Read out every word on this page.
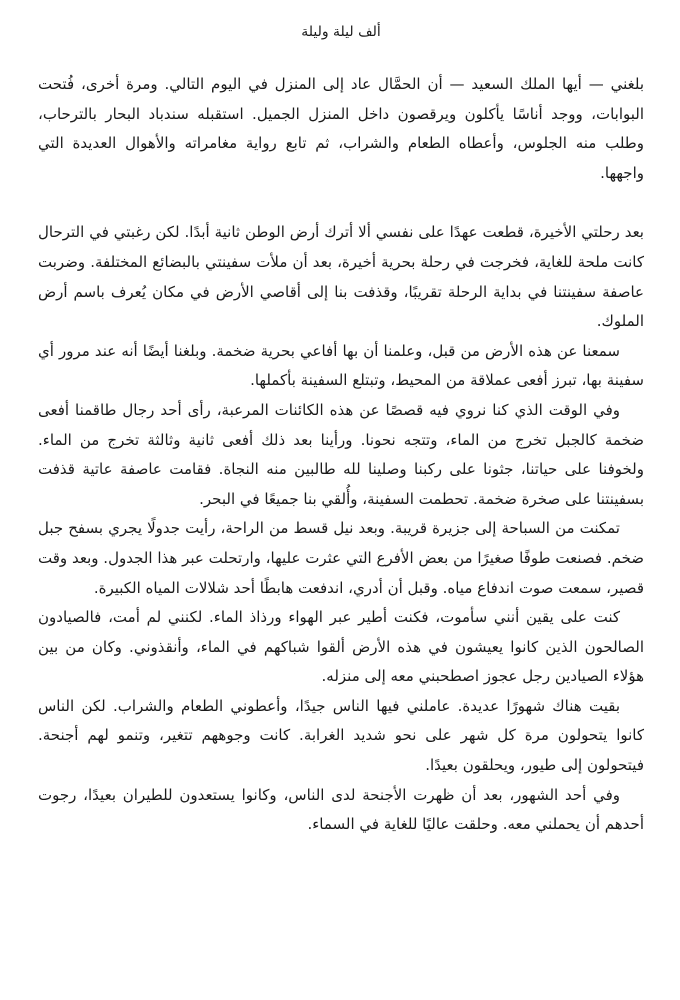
ألف ليلة وليلة

بلغني — أيها الملك السعيد — أن الحمَّال عاد إلى المنزل في اليوم التالي. ومرة أخرى، فُتحت البوابات، ووجد أناسًا يأكلون ويرقصون داخل المنزل الجميل. استقبله سندباد البحار بالترحاب، وطلب منه الجلوس، وأعطاه الطعام والشراب، ثم تابع رواية مغامراته والأهوال العديدة التي واجهها.

بعد رحلتي الأخيرة، قطعت عهدًا على نفسي ألا أترك أرض الوطن ثانية أبدًا. لكن رغبتي في الترحال كانت ملحة للغاية، فخرجت في رحلة بحرية أخيرة، بعد أن ملأت سفينتي بالبضائع المختلفة. وضربت عاصفة سفينتنا في بداية الرحلة تقريبًا، وقذفت بنا إلى أقاصي الأرض في مكان يُعرف باسم أرض الملوك.

سمعنا عن هذه الأرض من قبل، وعلمنا أن بها أفاعي بحرية ضخمة. وبلغنا أيضًا أنه عند مرور أي سفينة بها، تبرز أفعى عملاقة من المحيط، وتبتلع السفينة بأكملها.

وفي الوقت الذي كنا نروي فيه قصصًا عن هذه الكائنات المرعبة، رأى أحد رجال طاقمنا أفعى ضخمة كالجبل تخرج من الماء، وتتجه نحونا. ورأينا بعد ذلك أفعى ثانية وثالثة تخرج من الماء. ولخوفنا على حياتنا، جثونا على ركبنا وصلينا لله طالبين منه النجاة. فقامت عاصفة عاتية قذفت بسفينتنا على صخرة ضخمة. تحطمت السفينة، وأُلقي بنا جميعًا في البحر.

تمكنت من السباحة إلى جزيرة قريبة. وبعد نيل قسط من الراحة، رأيت جدولًا يجري بسفح جبل ضخم. فصنعت طوفًا صغيرًا من بعض الأفرع التي عثرت عليها، وارتحلت عبر هذا الجدول. وبعد وقت قصير، سمعت صوت اندفاع مياه. وقبل أن أدري، اندفعت هابطًا أحد شلالات المياه الكبيرة.

كنت على يقين أنني سأموت، فكنت أطير عبر الهواء ورذاذ الماء. لكنني لم أمت، فالصيادون الصالحون الذين كانوا يعيشون في هذه الأرض ألقوا شباكهم في الماء، وأنقذوني. وكان من بين هؤلاء الصيادين رجل عجوز اصطحبني معه إلى منزله.

بقيت هناك شهورًا عديدة. عاملني فيها الناس جيدًا، وأعطوني الطعام والشراب. لكن الناس كانوا يتحولون مرة كل شهر على نحو شديد الغرابة. كانت وجوههم تتغير، وتنمو لهم أجنحة. فيتحولون إلى طيور، ويحلقون بعيدًا.

وفي أحد الشهور، بعد أن ظهرت الأجنحة لدى الناس، وكانوا يستعدون للطيران بعيدًا، رجوت أحدهم أن يحملني معه. وحلقت عاليًا للغاية في السماء.
